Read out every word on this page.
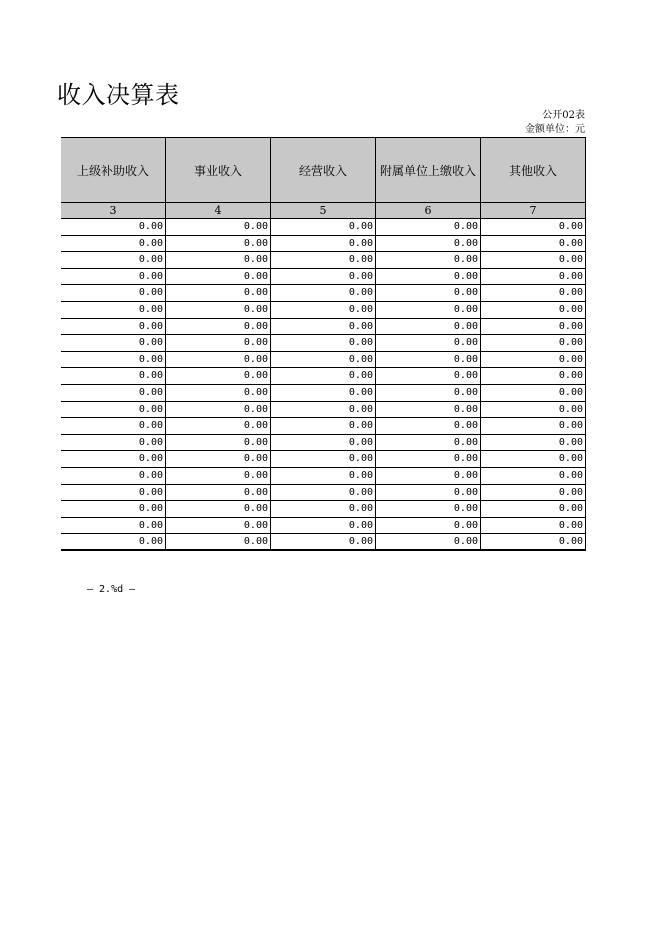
收入决算表
公开02表
金额单位：元
上级补助收入	事业收入	经营收入	附属单位上缴收入	其他收入
3	4	5	6	7
0.00	0.00	0.00	0.00	0.00
0.00	0.00	0.00	0.00	0.00
0.00	0.00	0.00	0.00	0.00
0.00	0.00	0.00	0.00	0.00
0.00	0.00	0.00	0.00	0.00
0.00	0.00	0.00	0.00	0.00
0.00	0.00	0.00	0.00	0.00
0.00	0.00	0.00	0.00	0.00
0.00	0.00	0.00	0.00	0.00
0.00	0.00	0.00	0.00	0.00
0.00	0.00	0.00	0.00	0.00
0.00	0.00	0.00	0.00	0.00
0.00	0.00	0.00	0.00	0.00
0.00	0.00	0.00	0.00	0.00
0.00	0.00	0.00	0.00	0.00
0.00	0.00	0.00	0.00	0.00
0.00	0.00	0.00	0.00	0.00
0.00	0.00	0.00	0.00	0.00
0.00	0.00	0.00	0.00	0.00
0.00	0.00	0.00	0.00	0.00
— 2.%d —
